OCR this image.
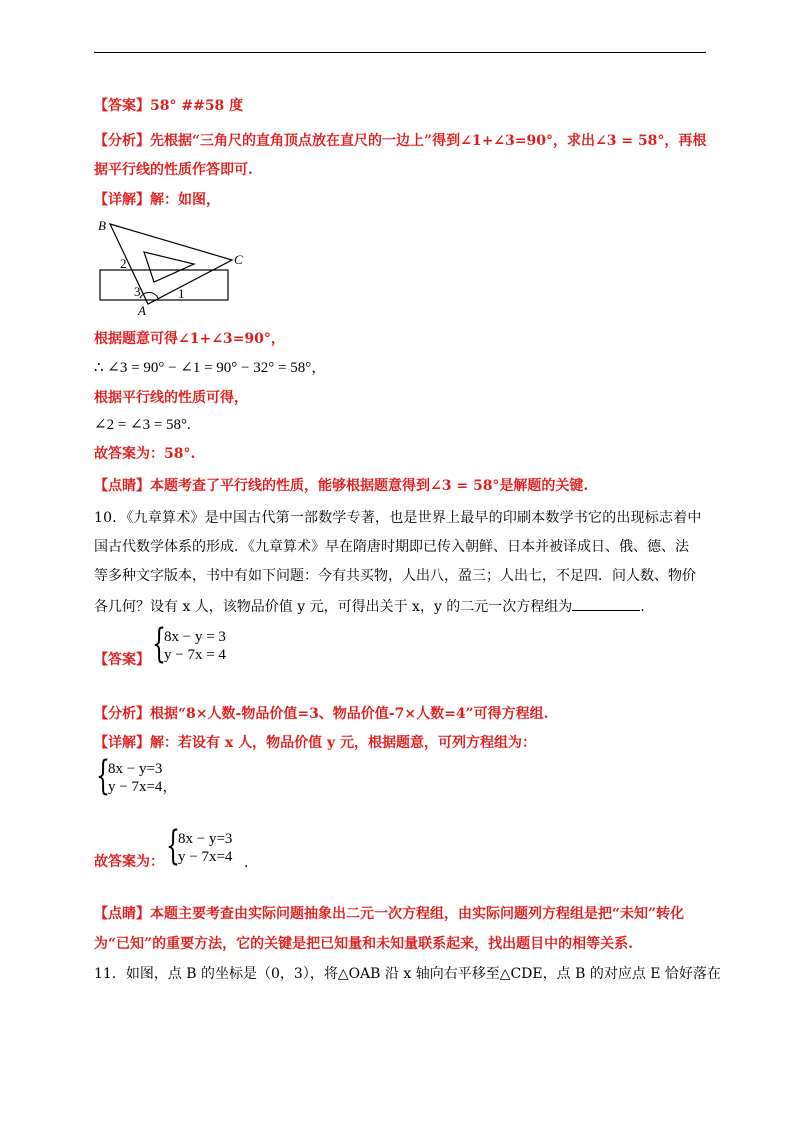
【答案】58° ##58 度
【分析】先根据“三角尺的直角顶点放在直尺的一边上”得到∠1+∠3=90°，求出∠3 = 58°，再根
据平行线的性质作答即可.
【详解】解：如图，
B
C
A
1
2
3
根据题意可得∠1+∠3=90°，
∴ ∠3 = 90° − ∠1 = 90° − 32° = 58°，
根据平行线的性质可得，
∠2 = ∠3 = 58°.
故答案为：58°.
【点睛】本题考查了平行线的性质，能够根据题意得到∠3 = 58°是解题的关键.
10．《九章算术》是中国古代第一部数学专著，也是世界上最早的印刷本数学书它的出现标志着中
国古代数学体系的形成．《九章算术》早在隋唐时期即已传入朝鲜、日本并被译成日、俄、德、法
等多种文字版本，书中有如下问题：今有共买物，人出八，盈三；人出七，不足四．问人数、物价
各几何？设有 x 人，该物品价值 y 元，可得出关于 x，y 的二元一次方程组为	.
【答案】 {
8x − y = 3
y − 7x = 4
【分析】根据“8×人数-物品价值=3、物品价值-7×人数=4”可得方程组.
【详解】解：若设有 x 人，物品价值 y 元，根据题意，可列方程组为：
{
8x − y=3
y − 7x=4，
故答案为： {
8x − y=3
y − 7x=4 .
【点睛】本题主要考查由实际问题抽象出二元一次方程组，由实际问题列方程组是把“未知”转化
为“已知”的重要方法，它的关键是把已知量和未知量联系起来，找出题目中的相等关系.
11．如图，点 B 的坐标是（0，3），将△OAB 沿 x 轴向右平移至△CDE，点 B 的对应点 E 恰好落在
